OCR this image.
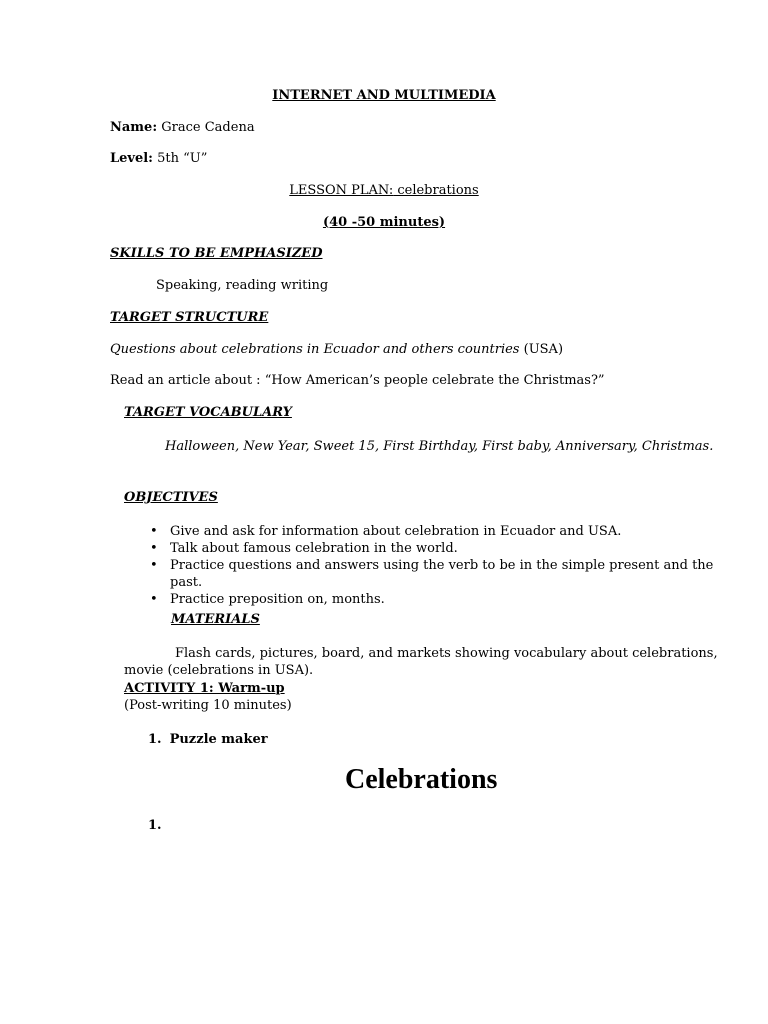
INTERNET AND MULTIMEDIA
Name: Grace Cadena
Level: 5th “U”
LESSON PLAN: celebrations
(40 -50 minutes)
SKILLS TO BE EMPHASIZED
Speaking, reading writing
TARGET STRUCTURE
Questions about celebrations in Ecuador and others countries (USA)
Read an article about : “How American’s people celebrate the Christmas?”
TARGET VOCABULARY
Halloween, New Year, Sweet 15, First Birthday, First baby, Anniversary, Christmas.
OBJECTIVES
• Give and ask for information about celebration in Ecuador and USA.
• Talk about famous celebration in the world.
• Practice questions and answers using the verb to be in the simple present and the past.
• Practice preposition on, months.
MATERIALS
Flash cards, pictures, board, and markets showing vocabulary about celebrations, movie (celebrations in USA).
ACTIVITY 1: Warm-up
(Post-writing 10 minutes)
1. Puzzle maker
Celebrations
1.
